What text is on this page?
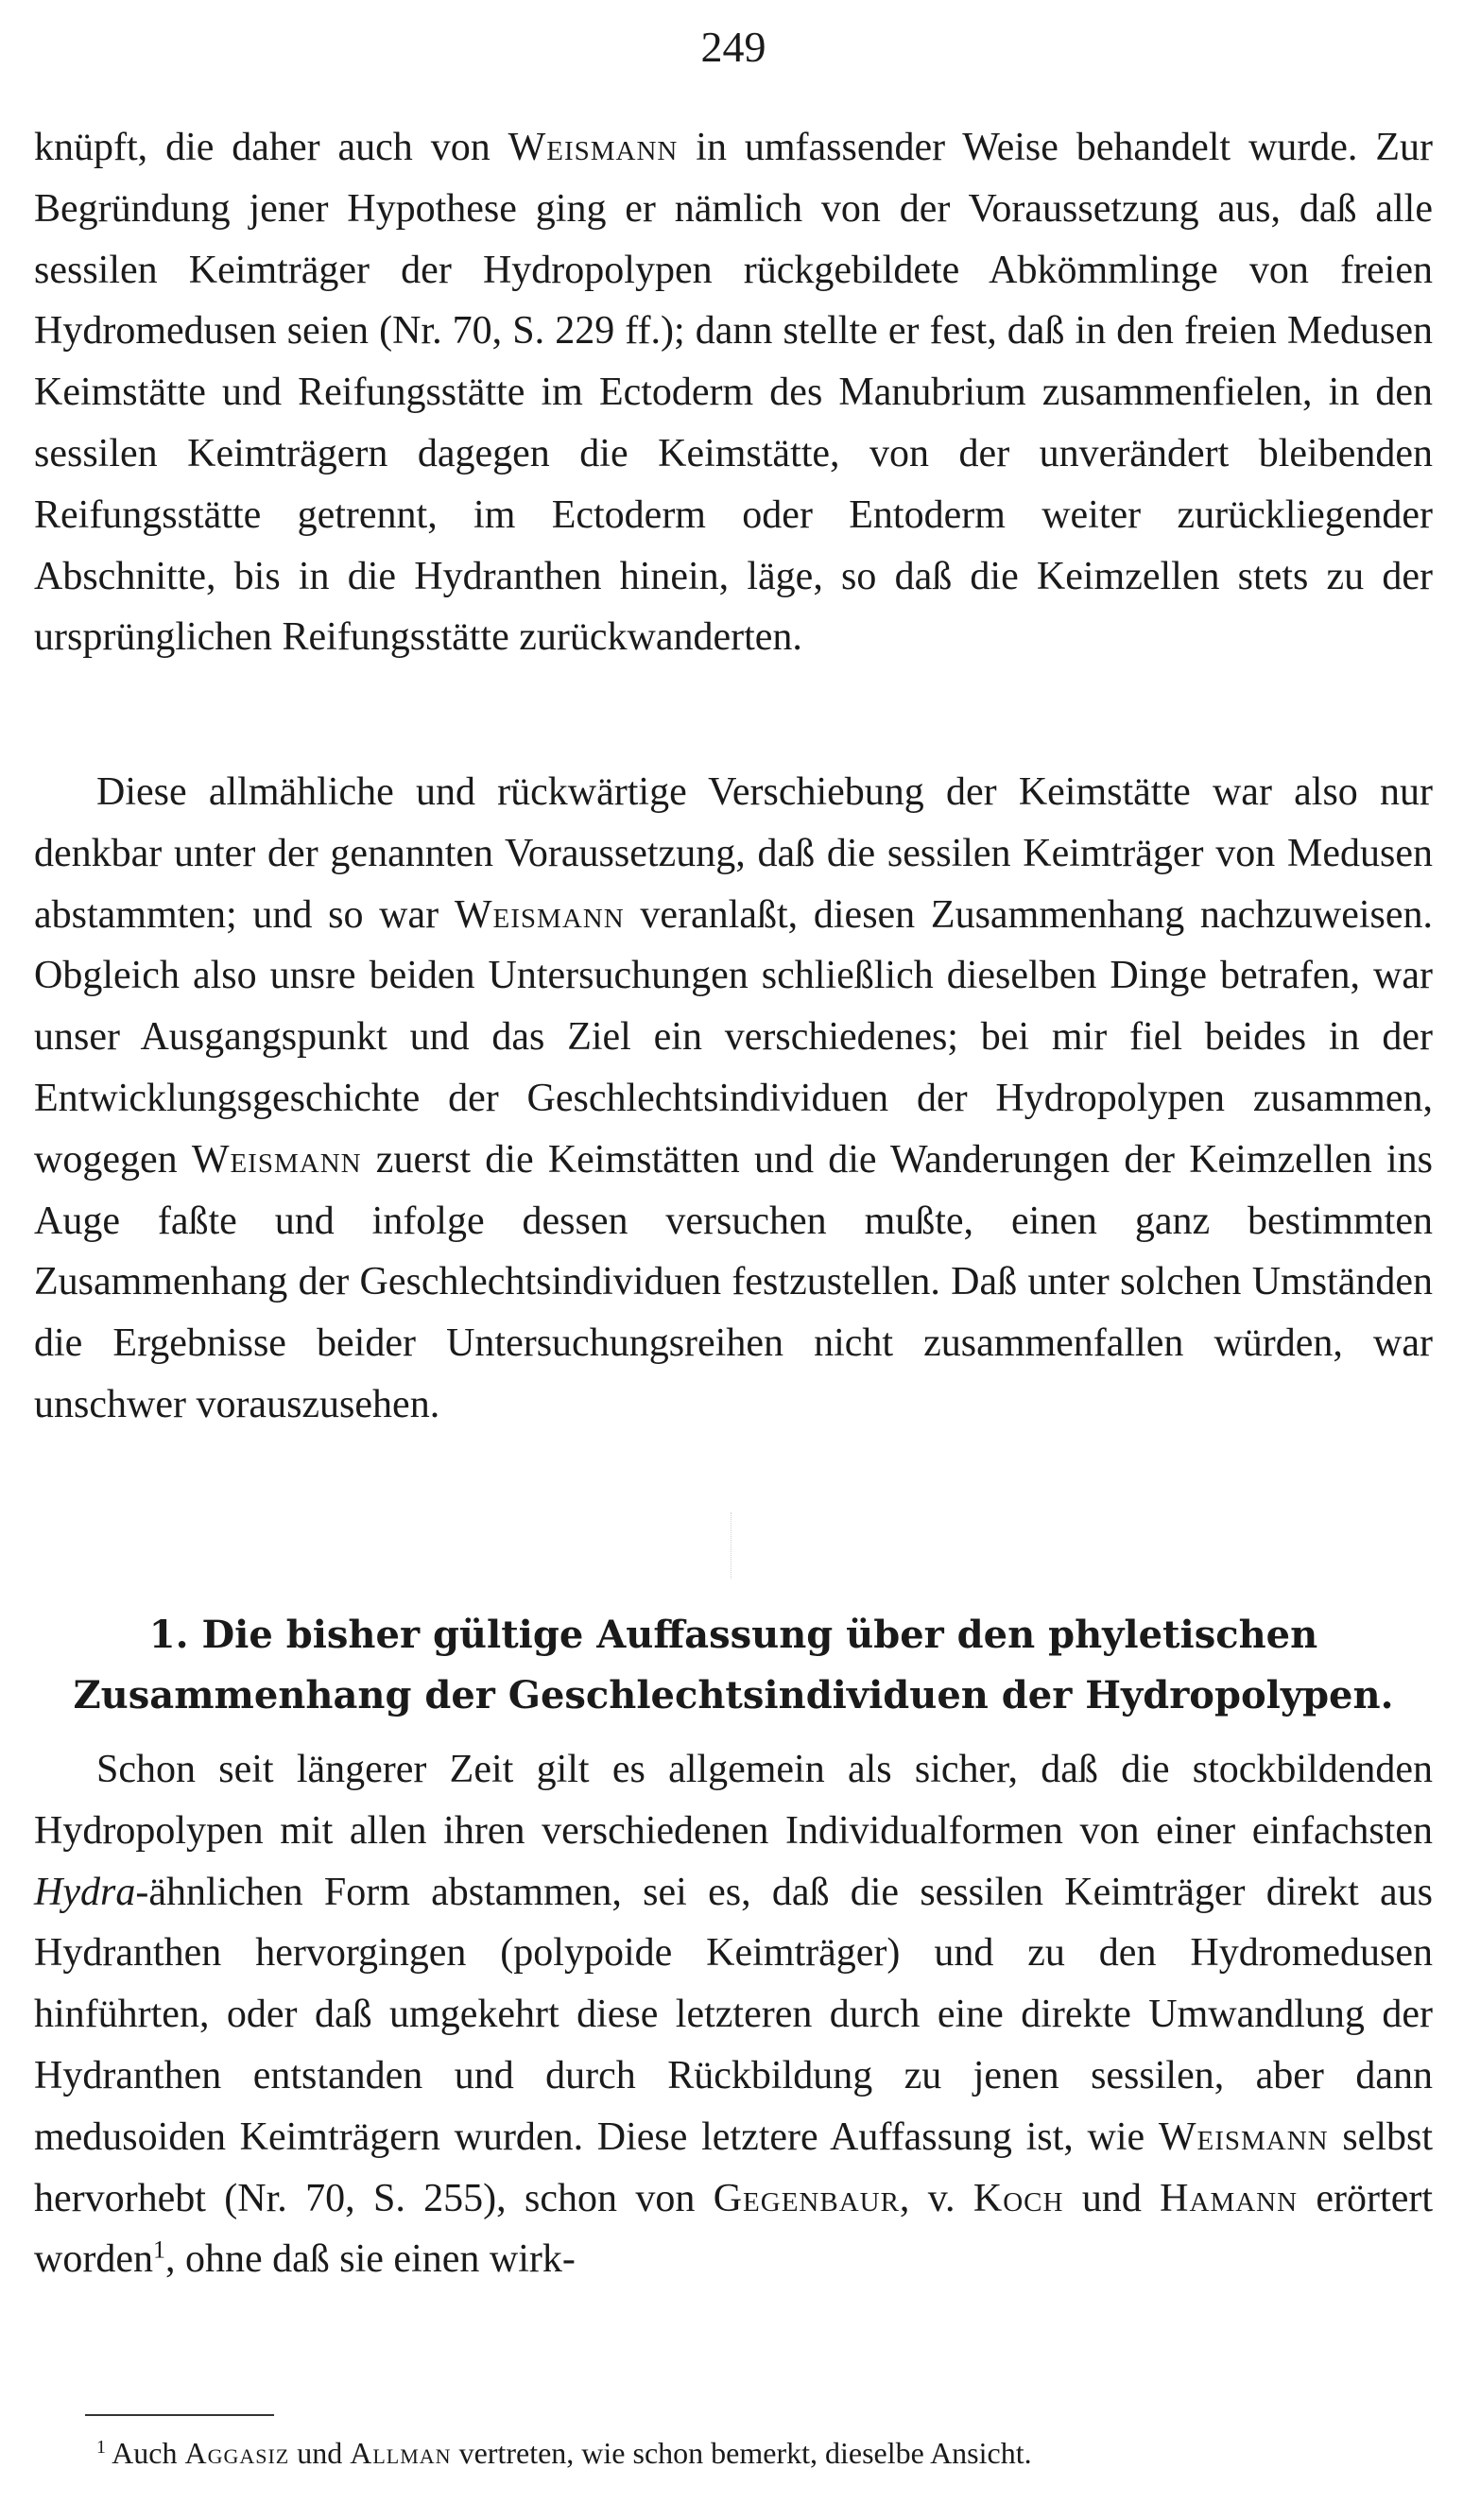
249

knüpft, die daher auch von Weismann in umfassender Weise behandelt wurde. Zur Begründung jener Hypothese ging er nämlich von der Voraussetzung aus, daß alle sessilen Keimträger der Hydropolypen rückgebildete Abkömmlinge von freien Hydromedusen seien (Nr. 70, S. 229 ff.); dann stellte er fest, daß in den freien Medusen Keimstätte und Reifungsstätte im Ectoderm des Manubrium zusammenfielen, in den sessilen Keimträgern dagegen die Keimstätte, von der unverändert bleibenden Reifungsstätte getrennt, im Ectoderm oder Entoderm weiter zurückliegender Abschnitte, bis in die Hydranthen hinein, läge, so daß die Keimzellen stets zu der ursprünglichen Reifungsstätte zurückwanderten.

Diese allmähliche und rückwärtige Verschiebung der Keimstätte war also nur denkbar unter der genannten Voraussetzung, daß die sessilen Keimträger von Medusen abstammten; und so war Weismann veranlaßt, diesen Zusammenhang nachzuweisen. Obgleich also unsre beiden Untersuchungen schließlich dieselben Dinge betrafen, war unser Ausgangspunkt und das Ziel ein verschiedenes; bei mir fiel beides in der Entwicklungsgeschichte der Geschlechtsindividuen der Hydropolypen zusammen, wogegen Weismann zuerst die Keimstätten und die Wanderungen der Keimzellen ins Auge faßte und infolge dessen versuchen mußte, einen ganz bestimmten Zusammenhang der Geschlechtsindividuen festzustellen. Daß unter solchen Umständen die Ergebnisse beider Untersuchungsreihen nicht zusammenfallen würden, war unschwer vorauszusehen.

1. Die bisher gültige Auffassung über den phyletischen
Zusammenhang der Geschlechtsindividuen der Hydropolypen.

Schon seit längerer Zeit gilt es allgemein als sicher, daß die stockbildenden Hydropolypen mit allen ihren verschiedenen Individualformen von einer einfachsten Hydra-ähnlichen Form abstammen, sei es, daß die sessilen Keimträger direkt aus Hydranthen hervorgingen (polypoide Keimträger) und zu den Hydromedusen hinführten, oder daß umgekehrt diese letzteren durch eine direkte Umwandlung der Hydranthen entstanden und durch Rückbildung zu jenen sessilen, aber dann medusoiden Keimträgern wurden. Diese letztere Auffassung ist, wie Weismann selbst hervorhebt (Nr. 70, S. 255), schon von Gegenbaur, v. Koch und Hamann erörtert worden$^1$, ohne daß sie einen wirk-

$^1$ Auch Aggasiz und Allman vertreten, wie schon bemerkt, dieselbe Ansicht.
